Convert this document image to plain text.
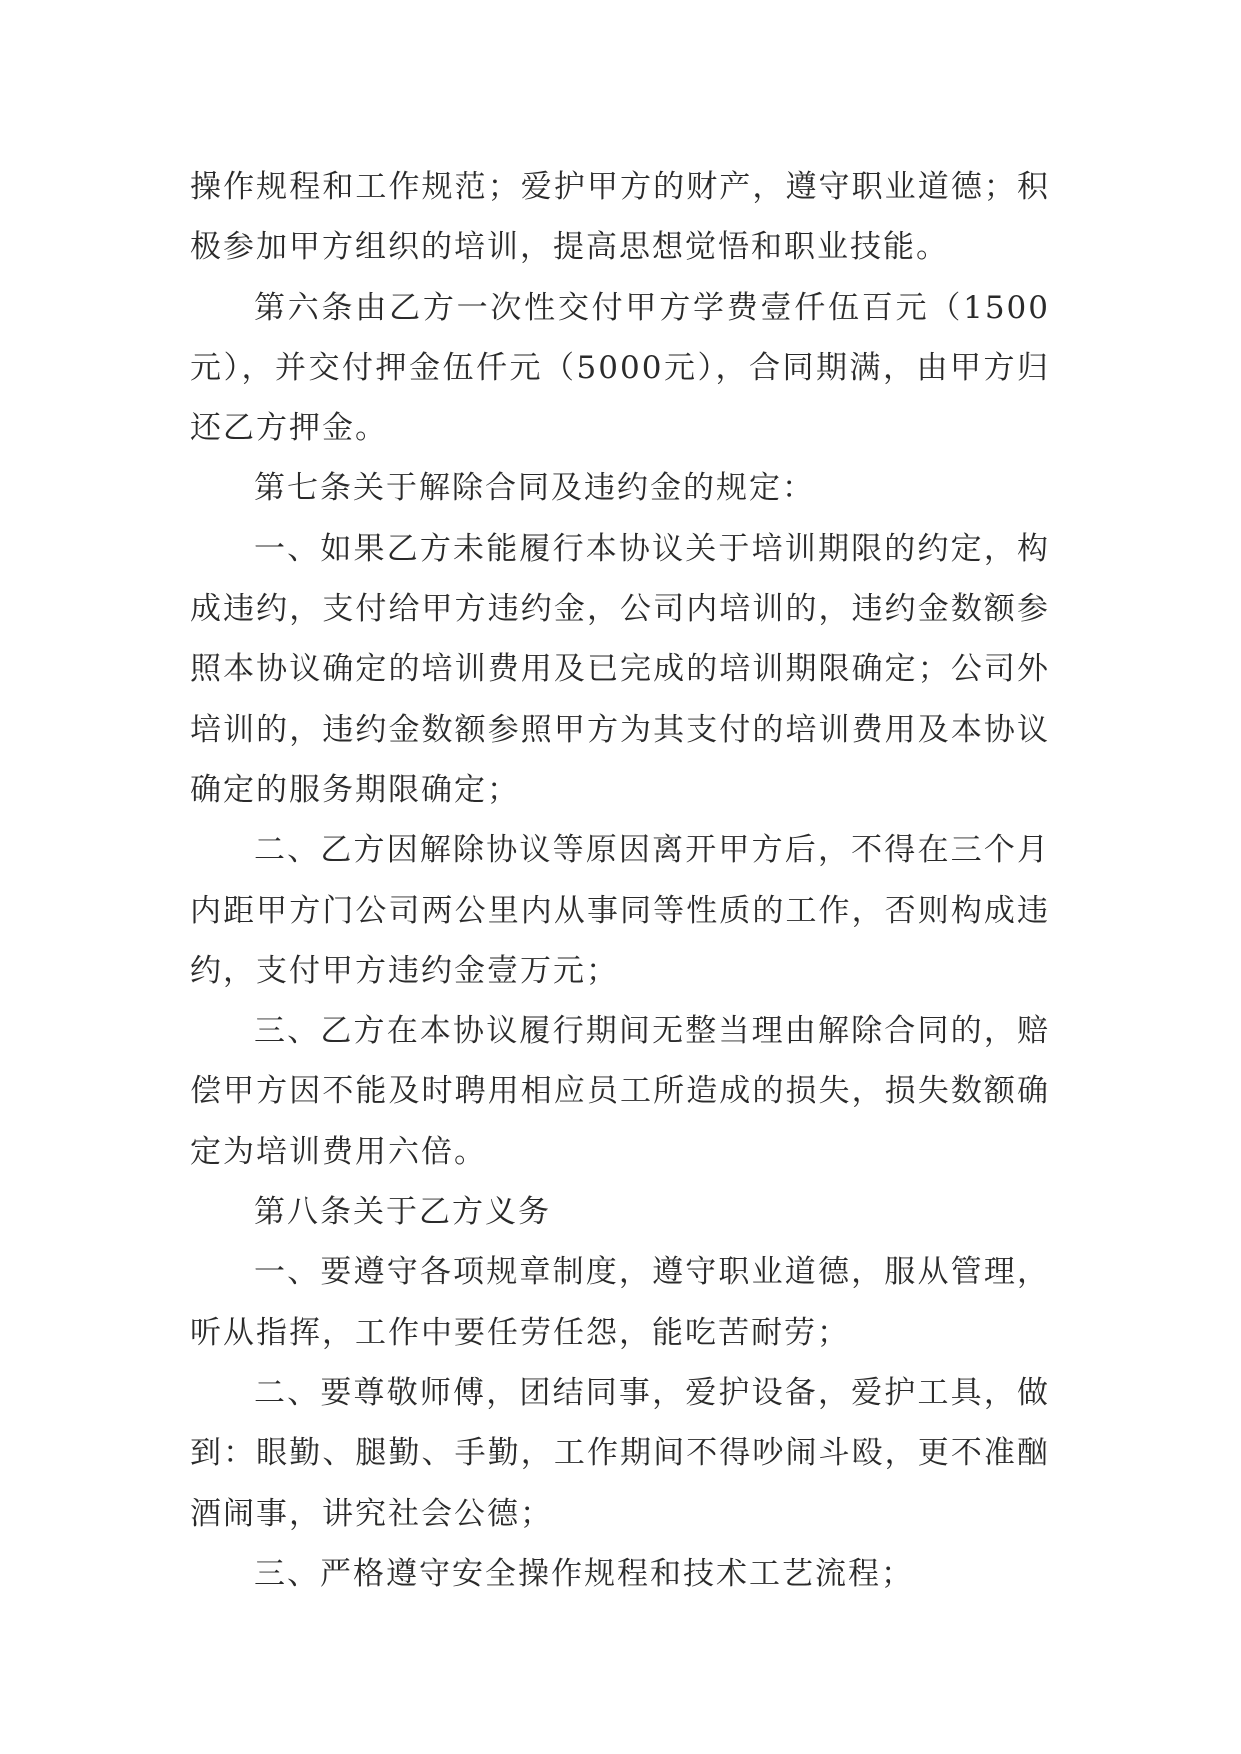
操作规程和工作规范；爱护甲方的财产，遵守职业道德；积极参加甲方组织的培训，提高思想觉悟和职业技能。

第六条由乙方一次性交付甲方学费壹仟伍百元（1500元），并交付押金伍仟元（5000元），合同期满，由甲方归还乙方押金。

第七条关于解除合同及违约金的规定：

一、如果乙方未能履行本协议关于培训期限的约定，构成违约，支付给甲方违约金，公司内培训的，违约金数额参照本协议确定的培训费用及已完成的培训期限确定；公司外培训的，违约金数额参照甲方为其支付的培训费用及本协议确定的服务期限确定；

二、乙方因解除协议等原因离开甲方后，不得在三个月内距甲方门公司两公里内从事同等性质的工作，否则构成违约，支付甲方违约金壹万元；

三、乙方在本协议履行期间无整当理由解除合同的，赔偿甲方因不能及时聘用相应员工所造成的损失，损失数额确定为培训费用六倍。

第八条关于乙方义务

一、要遵守各项规章制度，遵守职业道德，服从管理，听从指挥，工作中要任劳任怨，能吃苦耐劳；

二、要尊敬师傅，团结同事，爱护设备，爱护工具，做到：眼勤、腿勤、手勤，工作期间不得吵闹斗殴，更不准酗酒闹事，讲究社会公德；

三、严格遵守安全操作规程和技术工艺流程；
